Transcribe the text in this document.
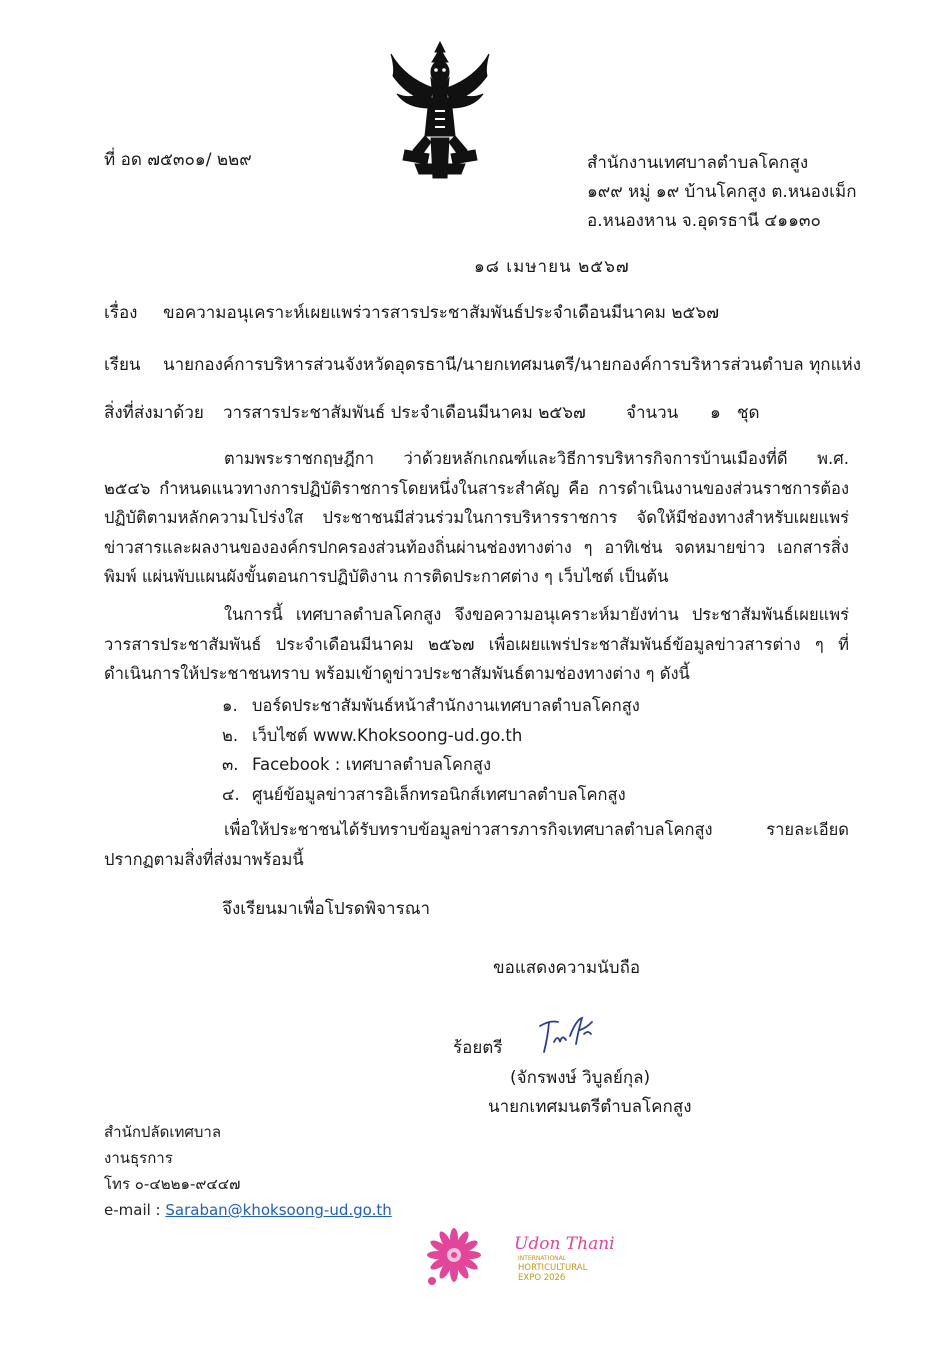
ที่ อด ๗๕๓๐๑/ ๒๒๙	สำนักงานเทศบาลตำบลโคกสูง
๑๙๙ หมู่ ๑๙ บ้านโคกสูง ต.หนองเม็ก
อ.หนองหาน จ.อุดรธานี ๔๑๑๓๐
๑๘ เมษายน ๒๕๖๗
เรื่อง ขอความอนุเคราะห์เผยแพร่วารสารประชาสัมพันธ์ประจำเดือนมีนาคม ๒๕๖๗
เรียน นายกองค์การบริหารส่วนจังหวัดอุดรธานี/นายกเทศมนตรี/นายกองค์การบริหารส่วนตำบล ทุกแห่ง
สิ่งที่ส่งมาด้วย วารสารประชาสัมพันธ์ ประจำเดือนมีนาคม ๒๕๖๗ จำนวน ๑ ชุด
ตามพระราชกฤษฎีกา ว่าด้วยหลักเกณฑ์และวิธีการบริหารกิจการบ้านเมืองที่ดี พ.ศ. ๒๕๔๖ กำหนดแนวทางการปฏิบัติราชการโดยหนึ่งในสาระสำคัญ คือ การดำเนินงานของส่วนราชการต้องปฏิบัติตามหลักความโปร่งใส ประชาชนมีส่วนร่วมในการบริหารราชการ จัดให้มีช่องทางสำหรับเผยแพร่ข่าวสารและผลงานขององค์กรปกครองส่วนท้องถิ่นผ่านช่องทางต่าง ๆ อาทิเช่น จดหมายข่าว เอกสารสิ่งพิมพ์ แผ่นพับแผนผังขั้นตอนการปฏิบัติงาน การติดประกาศต่าง ๆ เว็บไซต์ เป็นต้น
ในการนี้ เทศบาลตำบลโคกสูง จึงขอความอนุเคราะห์มายังท่าน ประชาสัมพันธ์เผยแพร่วารสารประชาสัมพันธ์ ประจำเดือนมีนาคม ๒๕๖๗ เพื่อเผยแพร่ประชาสัมพันธ์ข้อมูลข่าวสารต่าง ๆ ที่ดำเนินการให้ประชาชนทราบ พร้อมเข้าดูข่าวประชาสัมพันธ์ตามช่องทางต่าง ๆ ดังนี้
๑. บอร์ดประชาสัมพันธ์หน้าสำนักงานเทศบาลตำบลโคกสูง
๒. เว็บไซต์ www.Khoksoong-ud.go.th
๓. Facebook : เทศบาลตำบลโคกสูง
๔. ศูนย์ข้อมูลข่าวสารอิเล็กทรอนิกส์เทศบาลตำบลโคกสูง
เพื่อให้ประชาชนได้รับทราบข้อมูลข่าวสารภารกิจเทศบาลตำบลโคกสูง รายละเอียดปรากฏตามสิ่งที่ส่งมาพร้อมนี้
จึงเรียนมาเพื่อโปรดพิจารณา
ขอแสดงความนับถือ
ร้อยตรี
(จักรพงษ์ วิบูลย์กุล)
นายกเทศมนตรีตำบลโคกสูง
สำนักปลัดเทศบาล
งานธุรการ
โทร ๐-๔๒๒๑-๙๔๔๗
e-mail : Saraban@khoksoong-ud.go.th
Udon Thani
INTERNATIONAL
HORTICULTURAL
EXPO 2026
